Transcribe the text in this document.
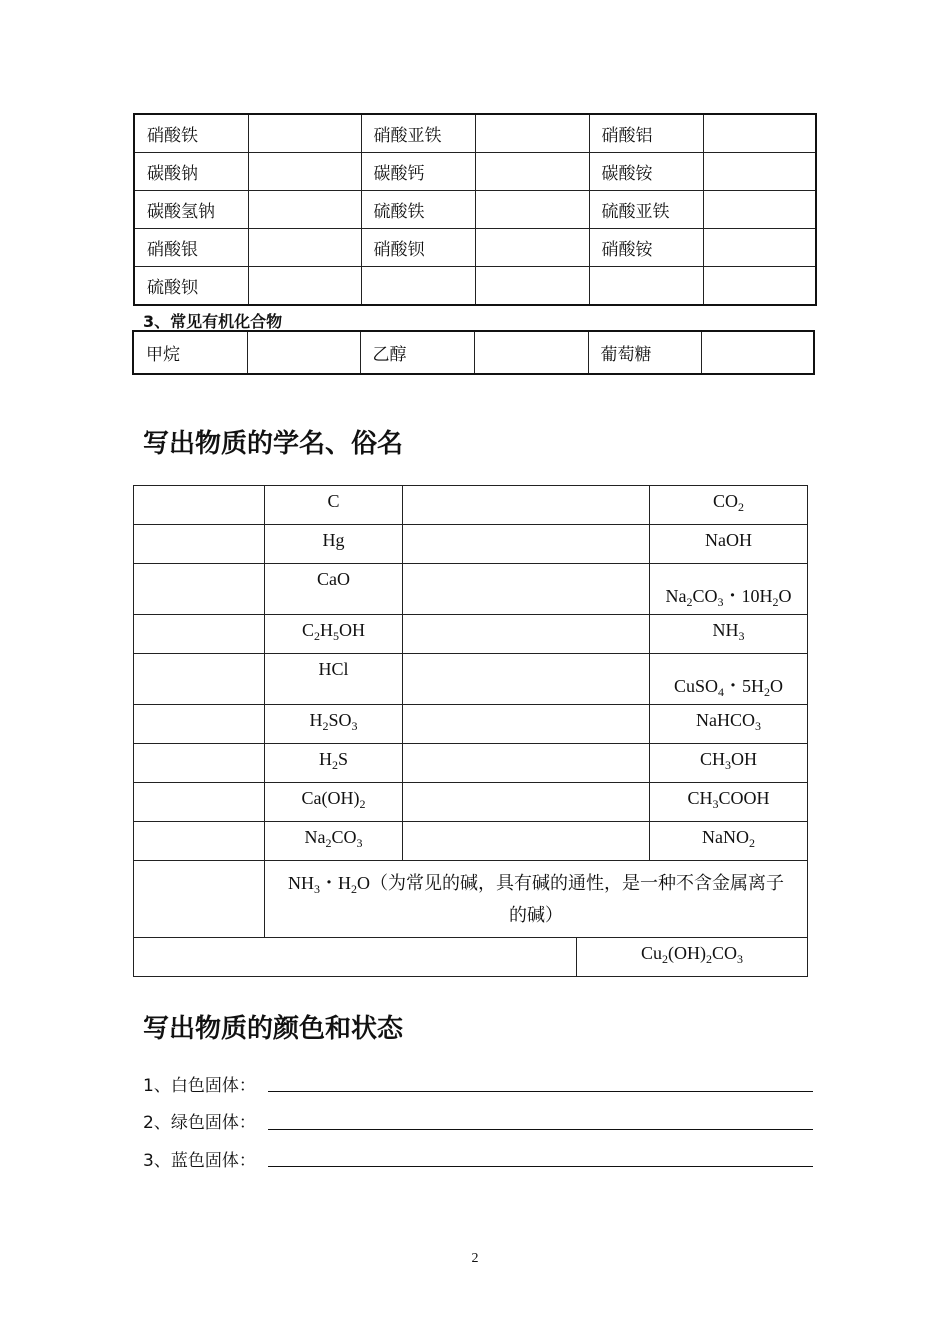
硝酸铁		硝酸亚铁		硝酸铝	
碳酸钠		碳酸钙		碳酸铵	
碳酸氢钠		硫酸铁		硫酸亚铁	
硝酸银		硝酸钡		硝酸铵	
硫酸钡					
3、常见有机化合物
甲烷		乙醇		葡萄糖	
写出物质的学名、俗名
	C			$CO_2$
	Hg			NaOH
	CaO			$Na_2CO_3$・$10H_2O$
	$C_2H_5OH$			$NH_3$
	HCl			CuSO$_4$・$5H_2O$
	$H_2SO_3$			NaHCO$_3$
	$H_2S$			$CH_3OH$
	$Ca(OH)_2$			$CH_3COOH$
	$Na_2CO_3$			NaNO$_2$
	$NH_3$・$H_2O$（为常见的碱，具有碱的通性，是一种不含金属离子的碱）			
			$Cu_2(OH)_2CO_3$
写出物质的颜色和状态
1、白色固体：
2、绿色固体：
3、蓝色固体：
2
